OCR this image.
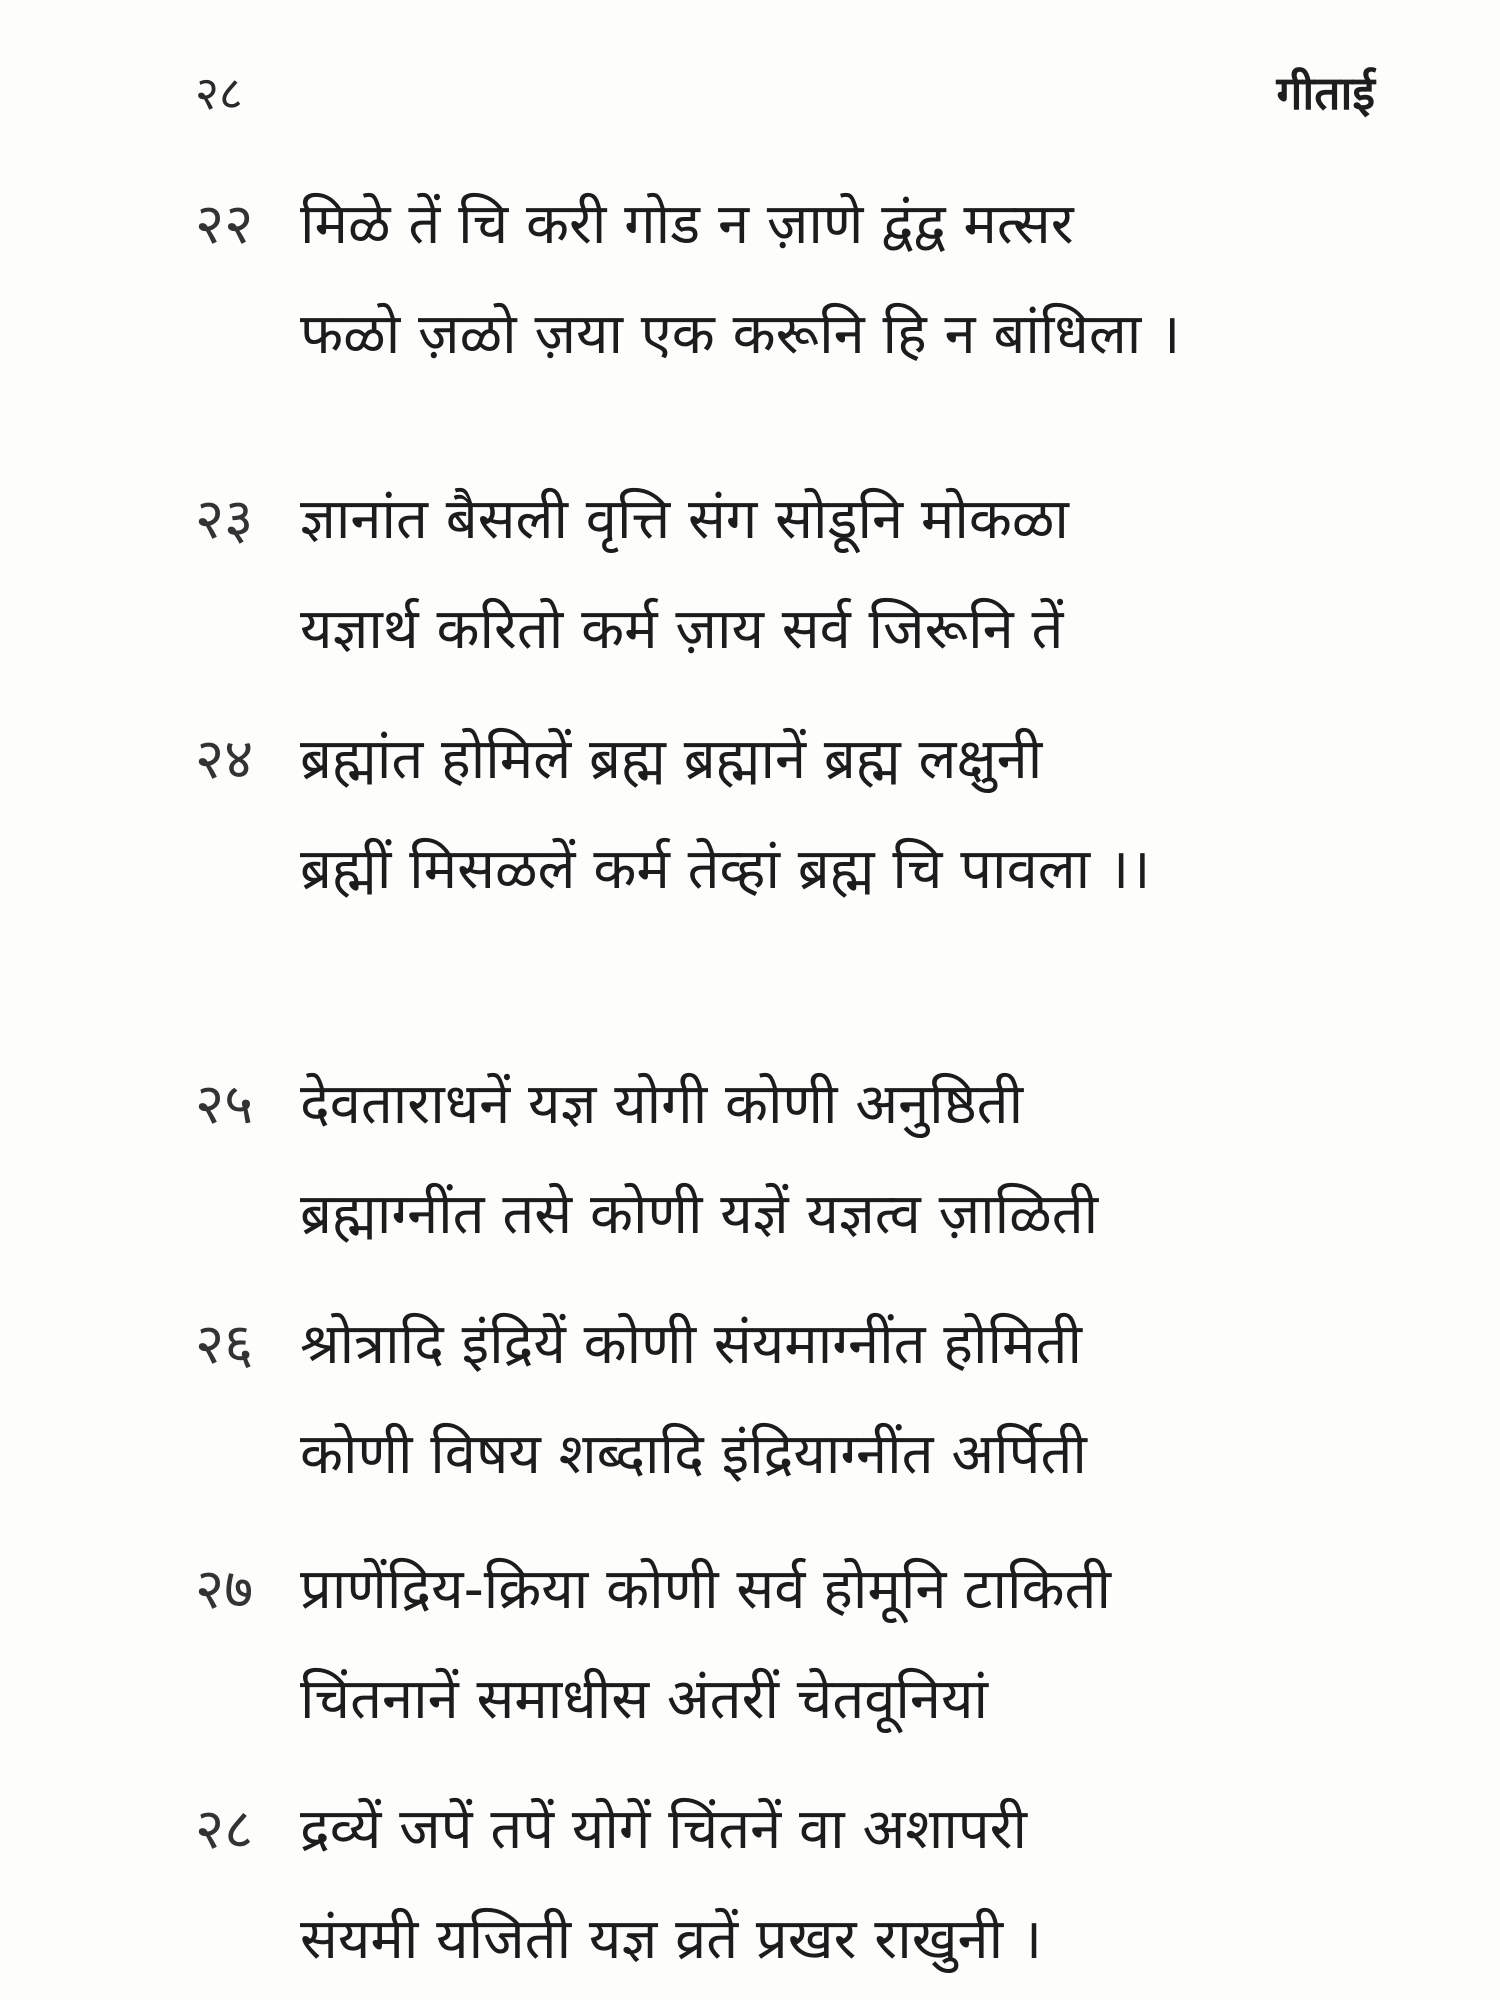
२८	गीताई
२२ मिळे तें चि करी गोड न ज़ाणे द्वंद्व मत्सर
फळो ज़ळो ज़या एक करूनि हि न बांधिला ।
२३ ज्ञानांत बैसली वृत्ति संग सोडूनि मोकळा
यज्ञार्थ करितो कर्म ज़ाय सर्व जिरूनि तें
२४ ब्रह्मांत होमिलें ब्रह्म ब्रह्मानें ब्रह्म लक्षुनी
ब्रह्मीं मिसळलें कर्म तेव्हां ब्रह्म चि पावला ।।
२५ देवताराधनें यज्ञ योगी कोणी अनुष्ठिती
ब्रह्माग्नींत तसे कोणी यज्ञें यज्ञत्व ज़ाळिती
२६ श्रोत्रादि इंद्रियें कोणी संयमाग्नींत होमिती
कोणी विषय शब्दादि इंद्रियाग्नींत अर्पिती
२७ प्राणेंद्रिय-क्रिया कोणी सर्व होमूनि टाकिती
चिंतनानें समाधीस अंतरीं चेतवूनियां
२८ द्रव्यें जपें तपें योगें चिंतनें वा अशापरी
संयमी यजिती यज्ञ व्रतें प्रखर राखुनी ।
